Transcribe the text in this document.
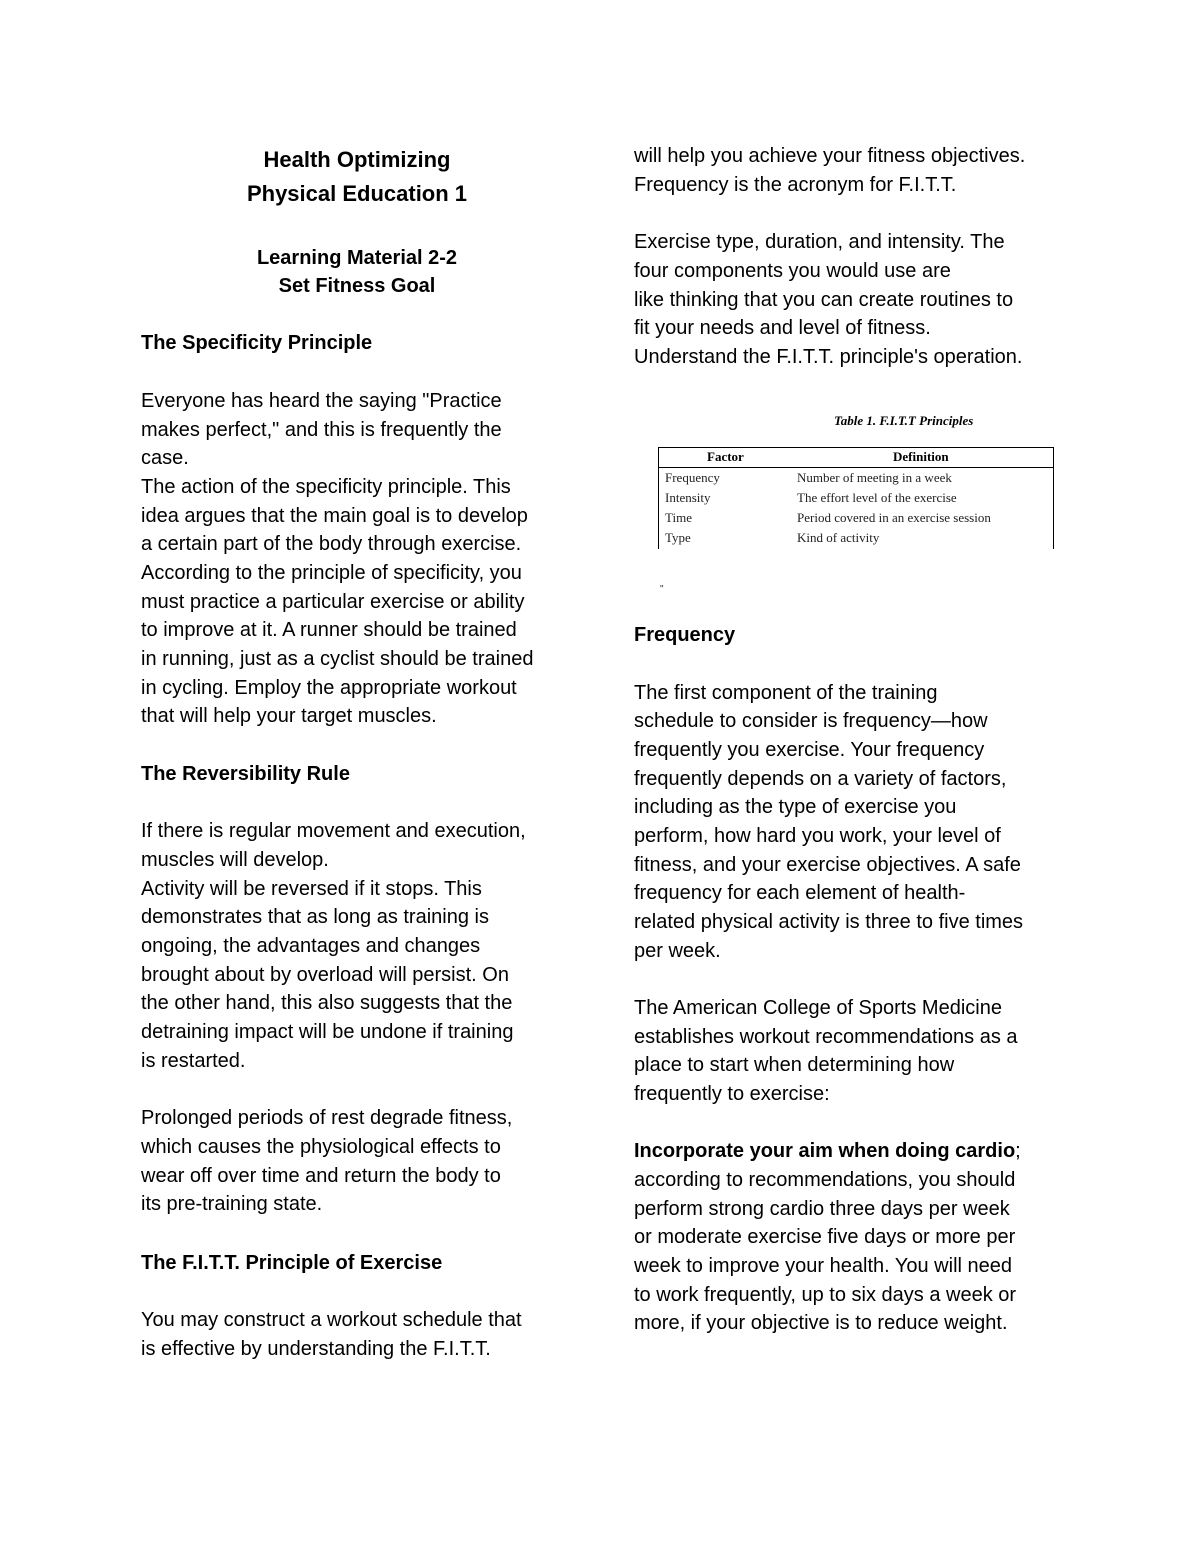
Health Optimizing
Physical Education 1
Learning Material 2-2
Set Fitness Goal
The Specificity Principle
Everyone has heard the saying "Practice
makes perfect," and this is frequently the
case.
The action of the specificity principle. This
idea argues that the main goal is to develop
a certain part of the body through exercise.
According to the principle of specificity, you
must practice a particular exercise or ability
to improve at it. A runner should be trained
in running, just as a cyclist should be trained
in cycling. Employ the appropriate workout
that will help your target muscles.
The Reversibility Rule
If there is regular movement and execution,
muscles will develop.
Activity will be reversed if it stops. This
demonstrates that as long as training is
ongoing, the advantages and changes
brought about by overload will persist. On
the other hand, this also suggests that the
detraining impact will be undone if training
is restarted.
Prolonged periods of rest degrade fitness,
which causes the physiological effects to
wear off over time and return the body to
its pre-training state.
The F.I.T.T. Principle of Exercise
You may construct a workout schedule that
is effective by understanding the F.I.T.T.
will help you achieve your fitness objectives.
Frequency is the acronym for F.I.T.T.
Exercise type, duration, and intensity. The
four components you would use are
like thinking that you can create routines to
fit your needs and level of fitness.
Understand the F.I.T.T. principle's operation.
Frequency
The first component of the training
schedule to consider is frequency—how
frequently you exercise. Your frequency
frequently depends on a variety of factors,
including as the type of exercise you
perform, how hard you work, your level of
fitness, and your exercise objectives. A safe
frequency for each element of health-
related physical activity is three to five times
per week.
The American College of Sports Medicine
establishes workout recommendations as a
place to start when determining how
frequently to exercise:
Incorporate your aim when doing cardio;
according to recommendations, you should
perform strong cardio three days per week
or moderate exercise five days or more per
week to improve your health. You will need
to work frequently, up to six days a week or
more, if your objective is to reduce weight.
Table 1. F.I.T.T Principles
Factor	Definition
Frequency	Number of meeting in a week
Intensity	The effort level of the exercise
Time	Period covered in an exercise session
Type	Kind of activity
"
